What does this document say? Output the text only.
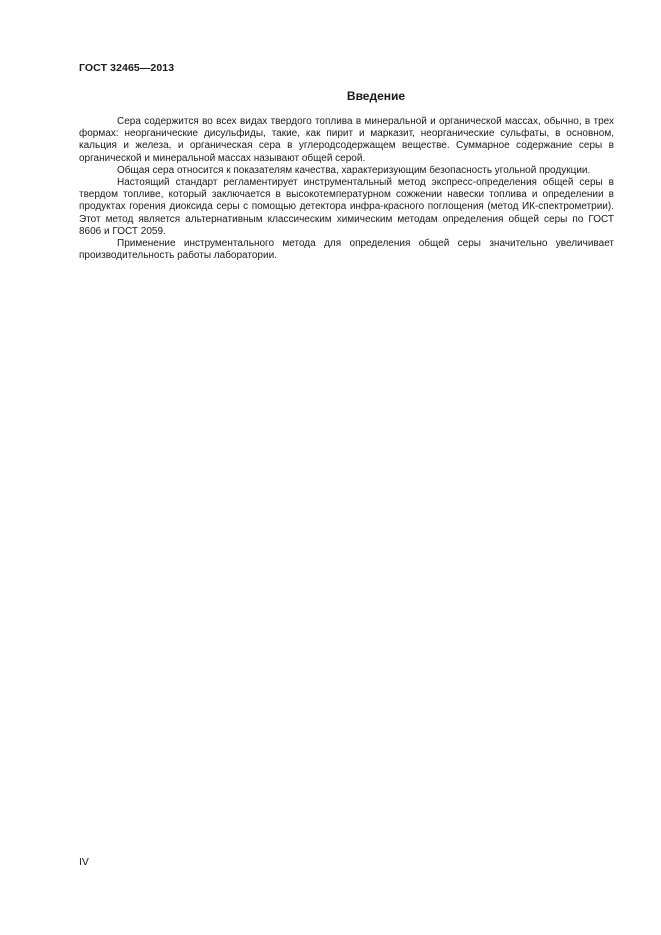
ГОСТ 32465—2013
Введение

Сера содержится во всех видах твердого топлива в минеральной и органической массах, обычно, в трех формах: неорганические дисульфиды, такие, как пирит и марказит, неорганические сульфаты, в основном, кальция и железа, и органическая сера в углеродсодержащем веществе. Суммарное содержание серы в органической и минеральной массах называют общей серой.

Общая сера относится к показателям качества, характеризующим безопасность угольной продукции.

Настоящий стандарт регламентирует инструментальный метод экспресс-определения общей серы в твердом топливе, который заключается в высокотемпературном сожжении навески топлива и определении в продуктах горения диоксида серы с помощью детектора инфра-красного поглощения (метод ИК-спектрометрии). Этот метод является альтернативным классическим химическим методам определения общей серы по ГОСТ 8606 и ГОСТ 2059.

Применение инструментального метода для определения общей серы значительно увеличивает производительность работы лаборатории.

IV
